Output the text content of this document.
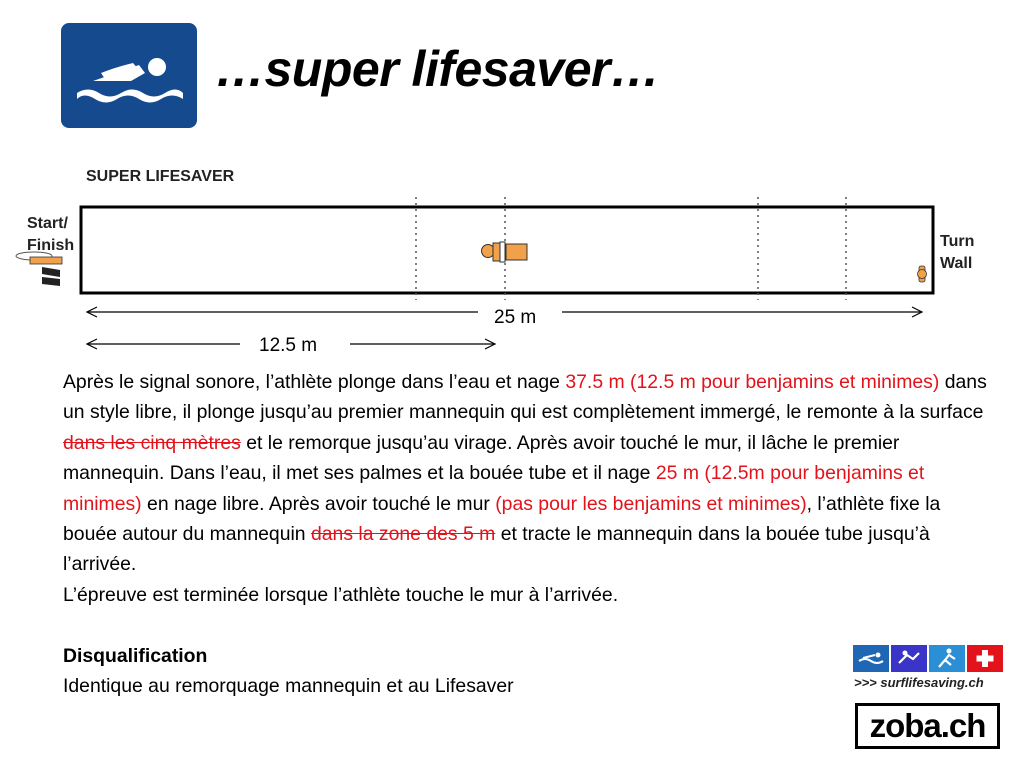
…super lifesaver…
SUPER LIFESAVER
Start/
Finish	Turn
Wall
25 m
12.5 m

Après le signal sonore, l’athlète plonge dans l’eau et nage 37.5 m (12.5 m pour benjamins et minimes) dans un style libre, il plonge jusqu’au premier mannequin qui est complètement immergé, le remonte à la surface dans les cinq mètres et le remorque jusqu’au virage. Après avoir touché le mur, il lâche le premier mannequin. Dans l’eau, il met ses palmes et la bouée tube et il nage 25 m (12.5m pour benjamins et minimes) en nage libre. Après avoir touché le mur (pas pour les benjamins et minimes), l’athlète fixe la bouée autour du mannequin dans la zone des 5 m et tracte le mannequin dans la bouée tube jusqu’à l’arrivée.

L’épreuve est terminée lorsque l’athlète touche le mur à l’arrivée.

Disqualification

Identique au remorquage mannequin et au Lifesaver	>>> surflifesaving.ch
zoba.ch
